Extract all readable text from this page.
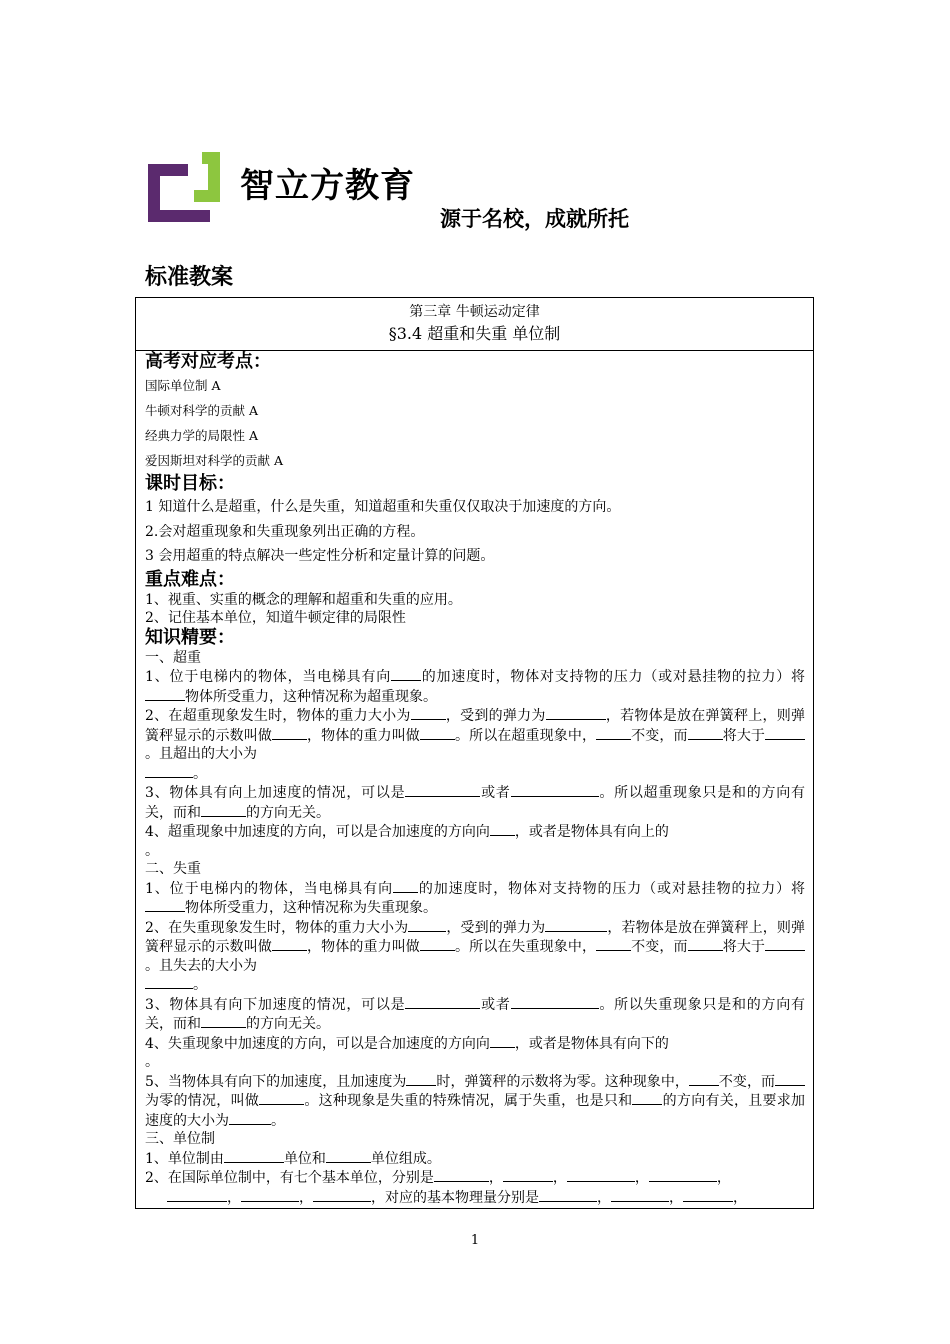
智立方教育
源于名校，成就所托
标准教案
第三章 牛顿运动定律
§3.4 超重和失重 单位制
高考对应考点：
国际单位制 A
牛顿对科学的贡献 A
经典力学的局限性 A
爱因斯坦对科学的贡献 A
课时目标：
1 知道什么是超重，什么是失重，知道超重和失重仅仅取决于加速度的方向。
2.会对超重现象和失重现象列出正确的方程。
3 会用超重的特点解决一些定性分析和定量计算的问题。
重点难点：
1、视重、实重的概念的理解和超重和失重的应用。
2、记住基本单位，知道牛顿定律的局限性
知识精要：
一、超重
1、位于电梯内的物体，当电梯具有向 的加速度时，物体对支持物的压力（或对悬挂物的拉力）将物体所受重力，这种情况称为超重现象。
2、在超重现象发生时，物体的重力大小为	，受到的弹力为	，若物体是放在弹簧秤上，则弹簧秤显示的示数叫做	，物体的重力叫做	。所以在超重现象中，	不变，而	将大于。且超出的大小为
。
3、物体具有向上加速度的情况，可以是	或者	。所以超重现象只是和的方向有关，而和	的方向无关。
4、超重现象中加速度的方向，可以是合加速度的方向向 ，或者是物体具有向上的
。
二、失重
1、位于电梯内的物体，当电梯具有向 的加速度时，物体对支持物的压力（或对悬挂物的拉力）将物体所受重力，这种情况称为失重现象。
2、在失重现象发生时，物体的重力大小为	，受到的弹力为	，若物体是放在弹簧秤上，则弹簧秤显示的示数叫做	，物体的重力叫做	。所以在失重现象中，	不变，而	将大于。且失去的大小为
。
3、物体具有向下加速度的情况，可以是	或者	。所以失重现象只是和的方向有关，而和	的方向无关。
4、失重现象中加速度的方向，可以是合加速度的方向向 ，或者是物体具有向下的
。
5、当物体具有向下的加速度，且加速度为 时，弹簧秤的示数将为零。这种现象中， 不变，而为零的情况，叫做	。这种现象是失重的特殊情况，属于失重，也是只和 的方向有关，且要求加速度的大小为	。
三、单位制
1、单位制由	单位和	单位组成。
2、在国际单位制中，有七个基本单位，分别是	，	，	，	，
，	，	，对应的基本物理量分别是	，	，	，

1
